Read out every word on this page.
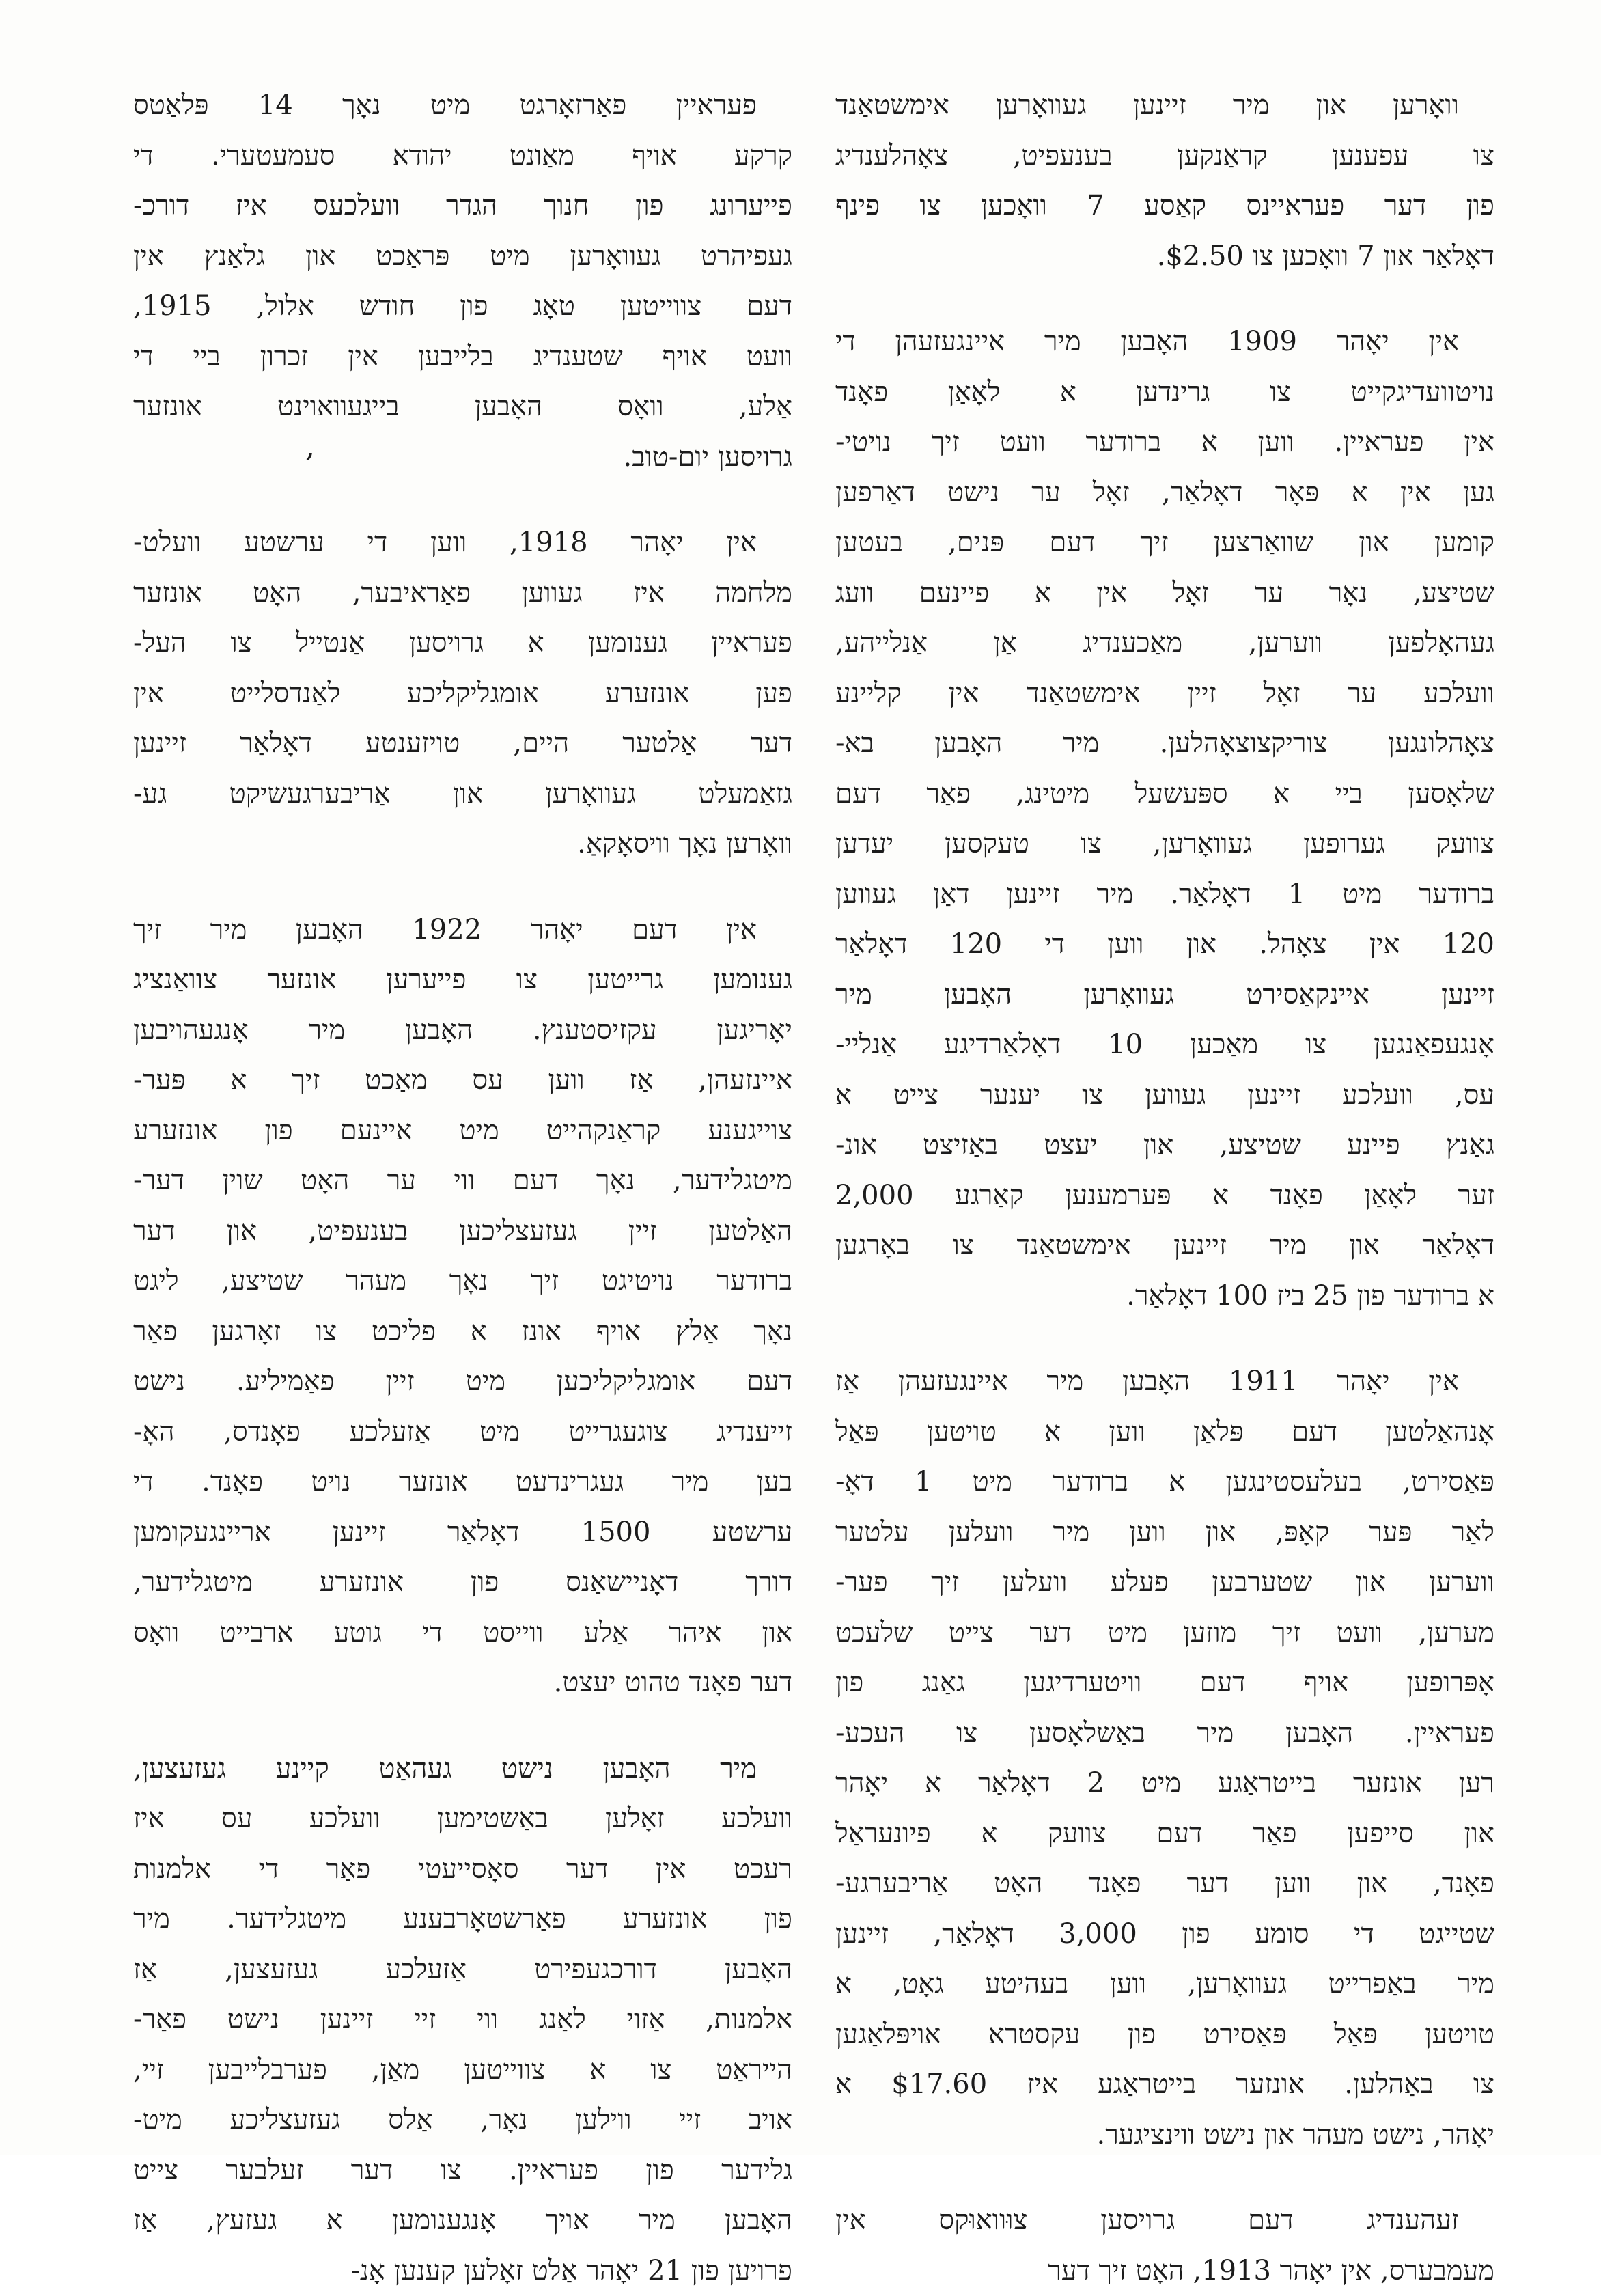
וואָרען און מיר זיינען געוואָרען אימשטאַנד

צו עפענען קראַנקען בענעפיט, צאָהלענדיג

פון דער פעראיינס קאַסע 7 וואָכען צו פינף

דאָלאַר און 7 וואָכען צו $2.50.

אין יאָהר 1909 האָבען מיר איינגעזעהן די

נויטוועדיגקייט צו גרינדען א לאָאַן פאָנד

אין פעראיין. ווען א ברודער וועט זיך נויטי-

גען אין א פּאָר דאָלאַר, זאָל ער נישט דאַרפען

קומען און שוואַרצען זיך דעם פּנים, בעטען

שטיצע, נאָר ער זאָל אין א פיינעם וועג

געהאָלפען ווערען, מאַכענדיג אַן אַנלייהע,

וועלכע ער זאָל זיין אימשטאַנד אין קליינע

צאָהלונגען צוריקצוצאָהלען. מיר האָבען בא-

שלאָסען ביי א ספּעשעל מיטינג, פאַר דעם

צוועק גערופען געוואָרען, צו טעקסען יעדען

ברודער מיט 1 דאָלאַר. מיר זיינען דאַן געווען

120 אין צאָהל. און ווען די 120 דאָלאַר

זיינען איינקאַסירט געוואָרען האָבען מיר

אָנגעפאַנגען צו מאַכען 10 דאָלאַרדיגע אַנליי-

עס, וועלכע זיינען געווען צו יענער צייט א

גאַנץ פיינע שטיצע, און יעצט באַזיצט אונ-

זער לאָאַן פאָנד א פּערמענען קאַרגע 2,000

דאָלאַר און מיר זיינען אימשטאַנד צו באָרגען

א ברודער פון 25 ביז 100 דאָלאַר.

אין יאָהר 1911 האָבען מיר איינגעזעהן אַז

אָנהאַלטען דעם פּלאַן ווען א טויטען פּאַל

פּאַסירט, בעלעסטינגען א ברודער מיט 1 דאָ-

לאַר פּער קאָפּ, און ווען מיר וועלען עלטער

ווערען און שטערבען פעלע וועלען זיך פער-

מערען, וועט זיך מוזען מיט דער צייט שלעכט

אָפּרופען אויף דעם וויטערדיגען גאַנג פון

פעראיין. האָבען מיר באַשלאָסען צו העכע-

רען אונזער בייטראַגע מיט 2 דאָלאַר א יאָהר

און סייפען פאַר דעם צוועק א פיונעראַל

פאָנד, און ווען דער פאָנד האָט אַריבערגע-

שטייגט די סומע פון 3,000 דאָלאַר, זיינען

מיר באַפרייט געוואָרען, ווען בעהיטע גאָט, א

טויטען פּאַל פּאַסירט פון עקסטרא אויפּלאַגען

צו באַהלען. אונזער בייטראַגע איז $17.60 א

יאָהר, נישט מעהר און נישט ווינציגער.

זעהענדיג דעם גרויסען צוּוואוּקס אין

מעמבערס, אין יאָהר 1913, האָט זיך דער

פעראיין פאַרזאָרגט מיט נאָך 14 פּלאַטס

קרקע אויף מאַונט יהודא סעמעטערי. די

פייערונג פון חנוך הגדר וועלכעס איז דורכ-

געפיהרט געוואָרען מיט פּראַכט און גלאַנץ אין

דעם צווייטען טאָג פון חודש אלול, 1915,

וועט אויף שטענדיג בלייבען אין זכרון ביי די

אַלע, וואָס האָבען בייגעוואוינט אונזער

גרויסען יום-טוב.

אין יאָהר 1918, ווען די ערשטע וועלט-

מלחמה איז געווען פאַראיבער, האָט אונזער

פעראיין גענומען א גרויסען אַנטייל צו העל-

פען אונזערע אומגליקליכע לאַנדסלייט אין

דער אַלטער היים, טויזענטע דאָלאַר זיינען

גזאַמעלט געוואָרען און אַריבערגעשיקט גע-

וואָרען נאָך וויסאָקאַ.

אין דעם יאָהר 1922 האָבען מיר זיך

גענומען גרייטען צו פייערען אונזער צוואַנציג

יאָריגען עקזיסטענץ. האָבען מיר אָנגעהויבען

איינזעהן, אַז ווען עס מאַכט זיך א פּער-

צוייגענע קראַנקהייט מיט איינעם פון אונזערע

מיטגלידער, נאָך דעם ווי ער האָט שוין דער-

האַלטען זיין געזעצליכען בענעפיט, און דער

ברודער נויטיגט זיך נאָך מעהר שטיצע, ליגט

נאָך אַלץ אויף אונז א פליכט צו זאָרגען פאַר

דעם אומגליקליכען מיט זיין פאַמיליע. נישט

זייענדיג צוגעגרייט מיט אַזעלכע פאָנדס, האָ-

בען מיר געגרינדעט אונזער נויט פאָנד. די

ערשטע 1500 דאָלאַר זיינען אריינגעקומען

דורך דאָניישאַנס פון אונזערע מיטגלידער,

און איהר אַלע ווייסט די גוטע ארבייט וואָס

דער פאָנד טהוט יעצט.

מיר האָבען נישט געהאַט קיינע געזעצען,

וועלכע זאָלען באַשטימען וועלכע עס איז

רעכט אין דער סאָסייעטי פאַר די אלמנות

פון אונזערע פאַרשטאָרבענע מיטגלידער. מיר

האָבען דורכגעפירט אַזעלכע געזעצען, אַז

אלמנות, אַזוי לאַנג ווי זיי זיינען נישט פאַר-

הייראַט צו א צווייטען מאַן, פערבלייבען זיי,

אויב זיי ווילען נאָר, אַלס געזעצליכע מיט-

גלידער פון פעראיין. צו דער זעלבער צייט

האָבען מיר אויך אָנגענומען א געזעץ, אַז

פרויען פון 21 יאָהר אַלט זאָלען קענען אָנ-

,
